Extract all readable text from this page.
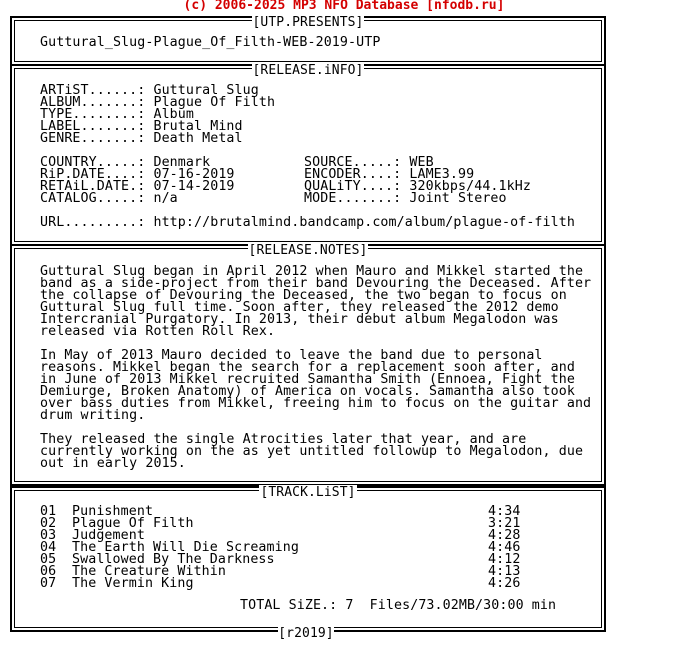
(c) 2006-2025 MP3 NFO Database [nfodb.ru]
[UTP.PRESENTS]
Guttural_Slug-Plague_Of_Filth-WEB-2019-UTP
[RELEASE.iNFO]
ARTiST......: Guttural Slug
ALBUM.......: Plague Of Filth
TYPE........: Album
LABEL.......: Brutal Mind
GENRE.......: Death Metal
COUNTRY.....: Denmark
RiP.DATE....: 07-16-2019
RETAiL.DATE.: 07-14-2019
CATALOG.....: n/a
SOURCE.....: WEB
ENCODER....: LAME3.99
QUALiTY....: 320kbps/44.1kHz
MODE.......: Joint Stereo
URL.........: http://brutalmind.bandcamp.com/album/plague-of-filth
[RELEASE.NOTES]
Guttural Slug began in April 2012 when Mauro and Mikkel started the
band as a side-project from their band Devouring the Deceased. After
the collapse of Devouring the Deceased, the two began to focus on
Guttural Slug full time. Soon after, they released the 2012 demo
Intercranial Purgatory. In 2013, their debut album Megalodon was
released via Rotten Roll Rex.
In May of 2013 Mauro decided to leave the band due to personal
reasons. Mikkel began the search for a replacement soon after, and
in June of 2013 Mikkel recruited Samantha Smith (Ennoea, Fight the
Demiurge, Broken Anatomy) of America on vocals. Samantha also took
over bass duties from Mikkel, freeing him to focus on the guitar and
drum writing.
They released the single Atrocities later that year, and are
currently working on the as yet untitled followup to Megalodon, due
out in early 2015.
[TRACK.LiST]
01 Punishment	4:34
02 Plague Of Filth	3:21
03 Judgement	4:28
04 The Earth Will Die Screaming	4:46
05 Swallowed By The Darkness	4:12
06 The Creature Within	4:13
07 The Vermin King	4:26
TOTAL SiZE.: 7  Files/73.02MB/30:00 min
[r2019]
